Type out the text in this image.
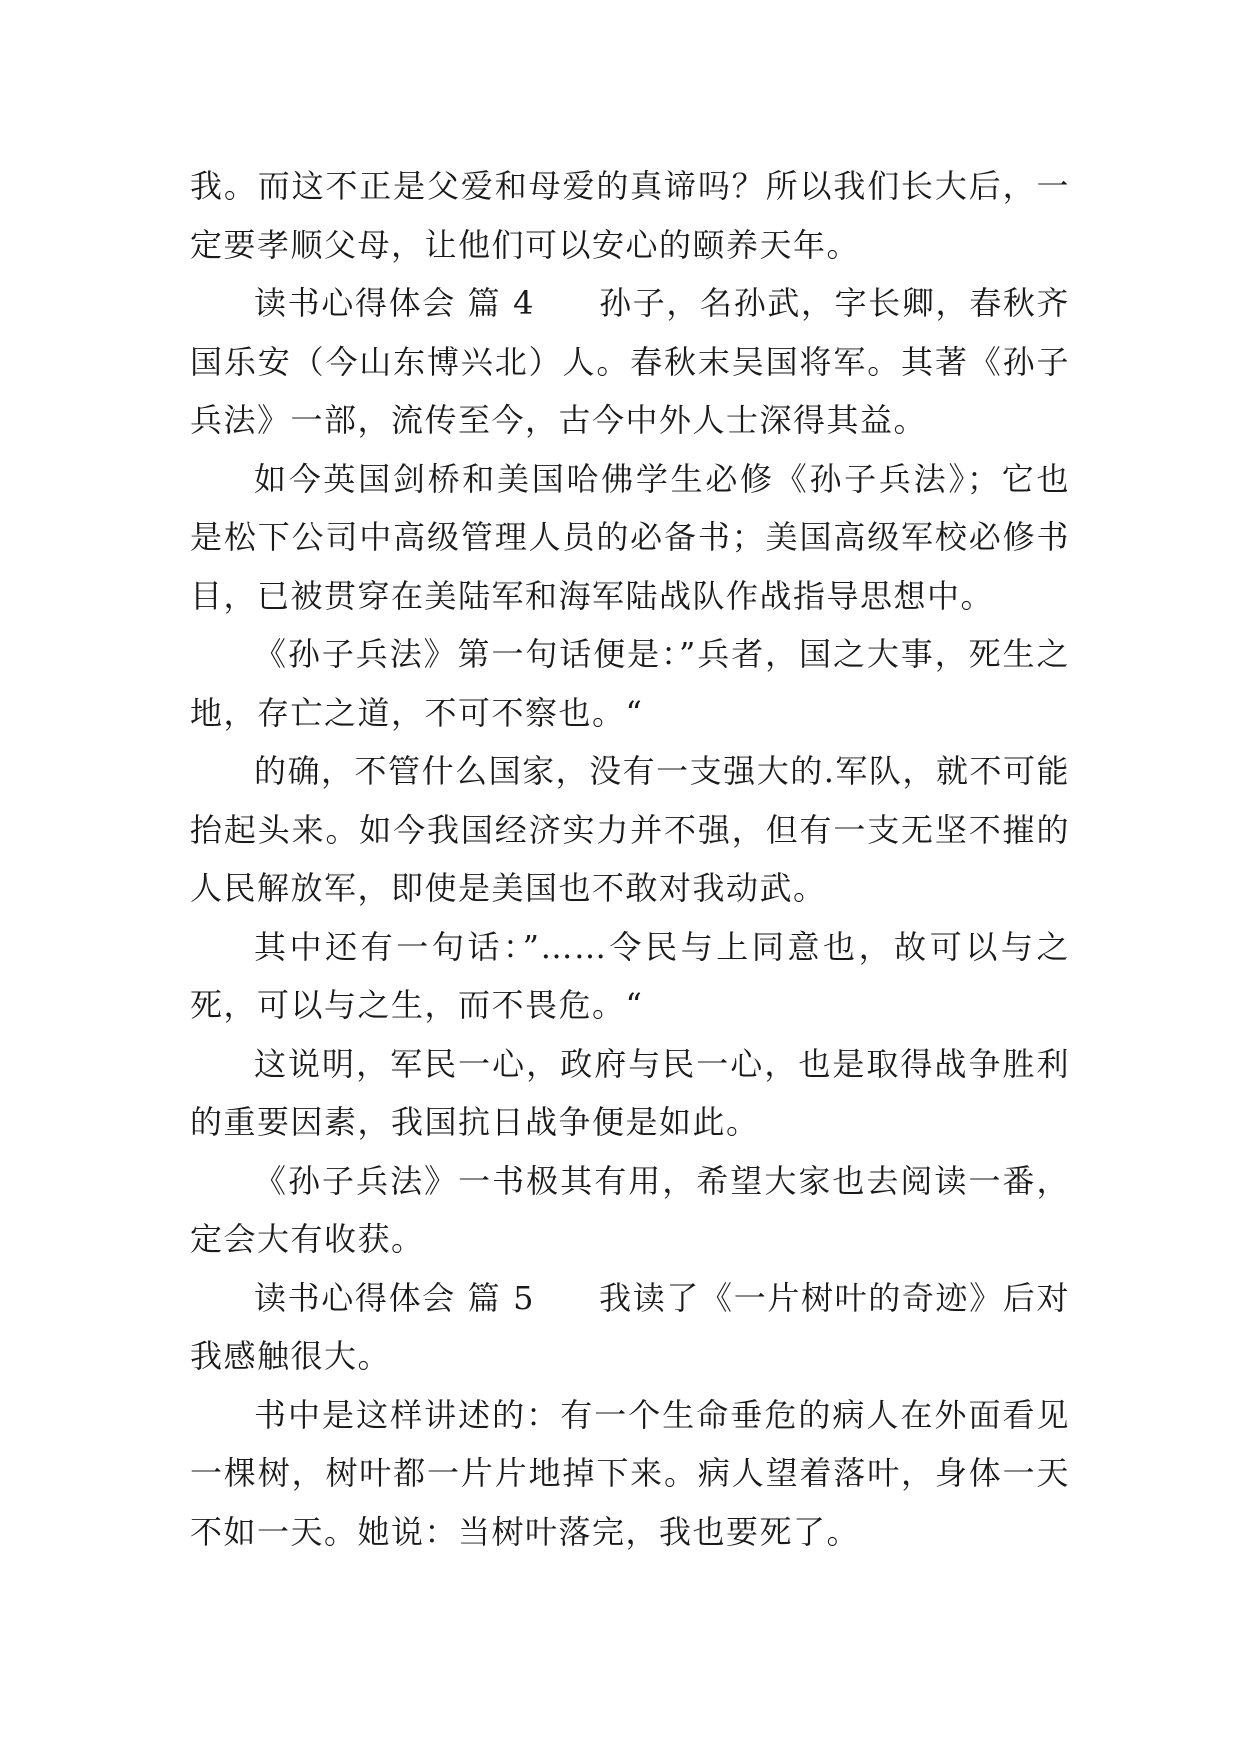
我。而这不正是父爱和母爱的真谛吗？所以我们长大后，一定要孝顺父母，让他们可以安心的颐养天年。

读书心得体会 篇 4 孙子，名孙武，字长卿，春秋齐国乐安（今山东博兴北）人。春秋末吴国将军。其著《孙子兵法》一部，流传至今，古今中外人士深得其益。

如今英国剑桥和美国哈佛学生必修《孙子兵法》；它也是松下公司中高级管理人员的必备书；美国高级军校必修书目，已被贯穿在美陆军和海军陆战队作战指导思想中。

《孙子兵法》第一句话便是：”兵者，国之大事，死生之地，存亡之道，不可不察也。“

的确，不管什么国家，没有一支强大的.军队，就不可能抬起头来。如今我国经济实力并不强，但有一支无坚不摧的人民解放军，即使是美国也不敢对我动武。

其中还有一句话：”……令民与上同意也，故可以与之死，可以与之生，而不畏危。“

这说明，军民一心，政府与民一心，也是取得战争胜利的重要因素，我国抗日战争便是如此。

《孙子兵法》一书极其有用，希望大家也去阅读一番，定会大有收获。

读书心得体会 篇 5 我读了《一片树叶的奇迹》后对我感触很大。

书中是这样讲述的：有一个生命垂危的病人在外面看见一棵树，树叶都一片片地掉下来。病人望着落叶，身体一天不如一天。她说：当树叶落完，我也要死了。
